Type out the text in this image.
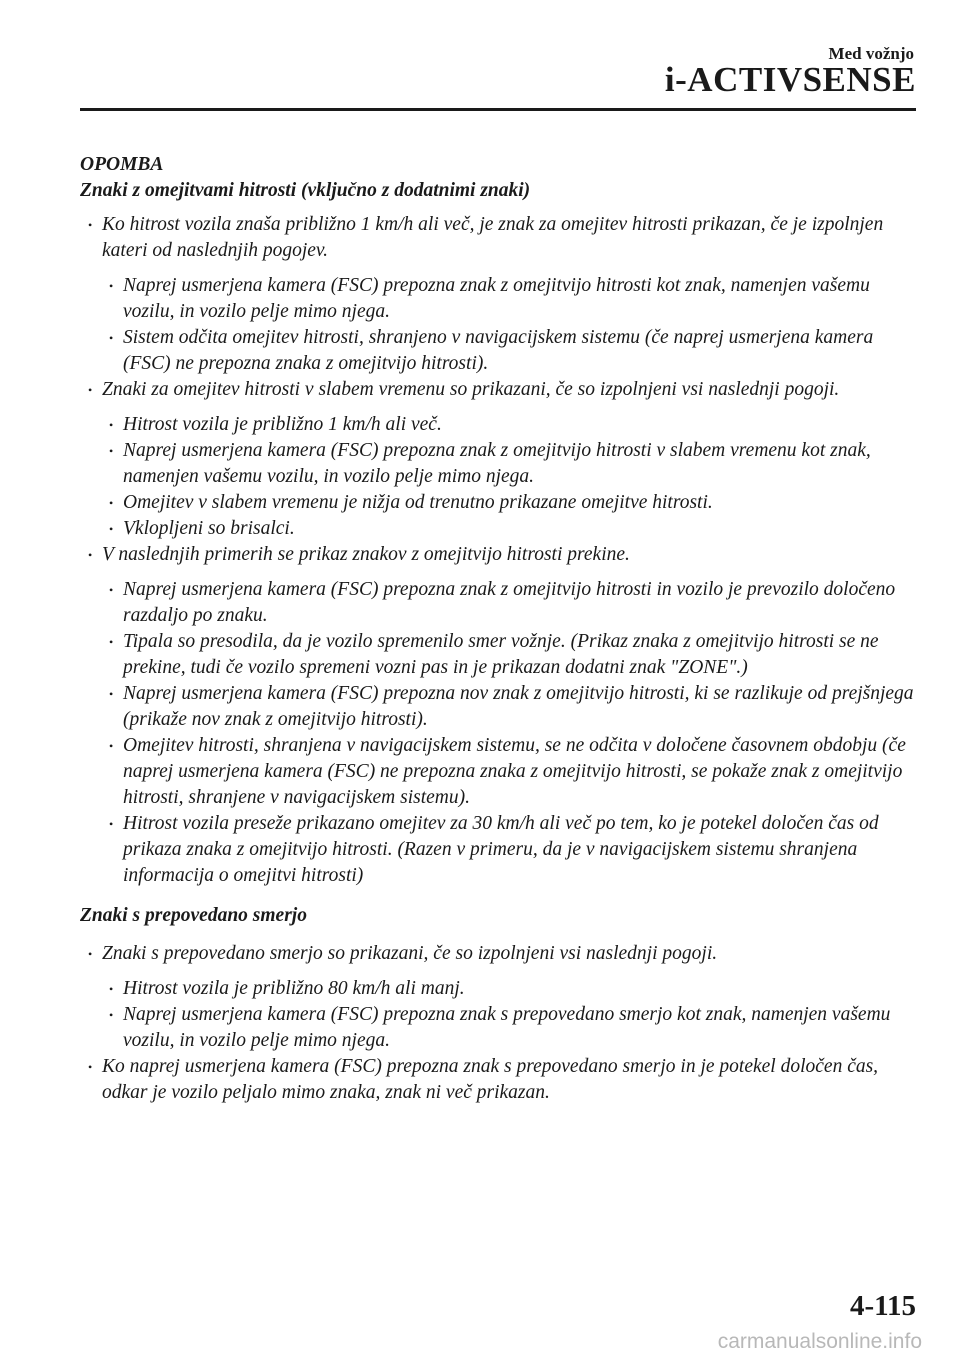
Med vožnjo
i-ACTIVSENSE

OPOMBA

Znaki z omejitvami hitrosti (vključno z dodatnimi znaki)

• Ko hitrost vozila znaša približno 1 km/h ali več, je znak za omejitev hitrosti prikazan, če je izpolnjen kateri od naslednjih pogojev.

• Naprej usmerjena kamera (FSC) prepozna znak z omejitvijo hitrosti kot znak, namenjen vašemu vozilu, in vozilo pelje mimo njega.

• Sistem odčita omejitev hitrosti, shranjeno v navigacijskem sistemu (če naprej usmerjena kamera (FSC) ne prepozna znaka z omejitvijo hitrosti).

• Znaki za omejitev hitrosti v slabem vremenu so prikazani, če so izpolnjeni vsi naslednji pogoji.

• Hitrost vozila je približno 1 km/h ali več.

• Naprej usmerjena kamera (FSC) prepozna znak z omejitvijo hitrosti v slabem vremenu kot znak, namenjen vašemu vozilu, in vozilo pelje mimo njega.

• Omejitev v slabem vremenu je nižja od trenutno prikazane omejitve hitrosti.

• Vklopljeni so brisalci.

• V naslednjih primerih se prikaz znakov z omejitvijo hitrosti prekine.

• Naprej usmerjena kamera (FSC) prepozna znak z omejitvijo hitrosti in vozilo je prevozilo določeno razdaljo po znaku.

• Tipala so presodila, da je vozilo spremenilo smer vožnje. (Prikaz znaka z omejitvijo hitrosti se ne prekine, tudi če vozilo spremeni vozni pas in je prikazan dodatni znak "ZONE".)

• Naprej usmerjena kamera (FSC) prepozna nov znak z omejitvijo hitrosti, ki se razlikuje od prejšnjega (prikaže nov znak z omejitvijo hitrosti).

• Omejitev hitrosti, shranjena v navigacijskem sistemu, se ne odčita v določene časovnem obdobju (če naprej usmerjena kamera (FSC) ne prepozna znaka z omejitvijo hitrosti, se pokaže znak z omejitvijo hitrosti, shranjene v navigacijskem sistemu).

• Hitrost vozila preseže prikazano omejitev za 30 km/h ali več po tem, ko je potekel določen čas od prikaza znaka z omejitvijo hitrosti. (Razen v primeru, da je v navigacijskem sistemu shranjena informacija o omejitvi hitrosti)

Znaki s prepovedano smerjo

• Znaki s prepovedano smerjo so prikazani, če so izpolnjeni vsi naslednji pogoji.

• Hitrost vozila je približno 80 km/h ali manj.

• Naprej usmerjena kamera (FSC) prepozna znak s prepovedano smerjo kot znak, namenjen vašemu vozilu, in vozilo pelje mimo njega.

• Ko naprej usmerjena kamera (FSC) prepozna znak s prepovedano smerjo in je potekel določen čas, odkar je vozilo peljalo mimo znaka, znak ni več prikazan.

4-115
carmanualsonline.info
